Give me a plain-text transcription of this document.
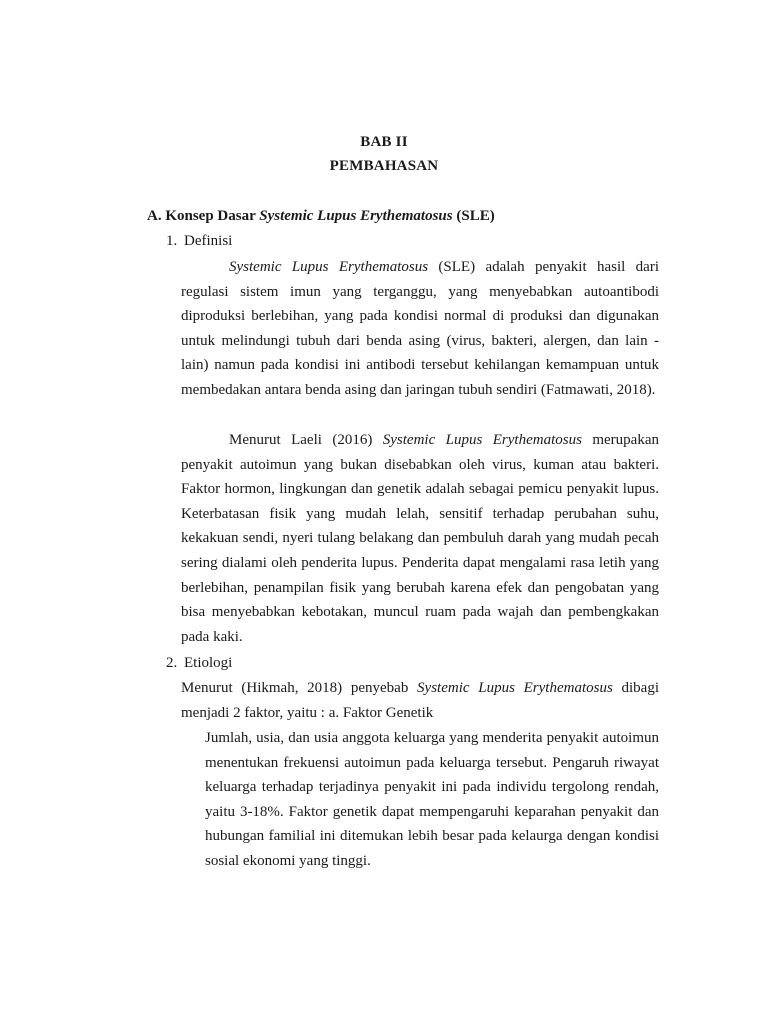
BAB II
PEMBAHASAN
A. Konsep Dasar Systemic Lupus Erythematosus (SLE)
1. Definisi
Systemic Lupus Erythematosus (SLE) adalah penyakit hasil dari regulasi sistem imun yang terganggu, yang menyebabkan autoantibodi diproduksi berlebihan, yang pada kondisi normal di produksi dan digunakan untuk melindungi tubuh dari benda asing (virus, bakteri, alergen, dan lain - lain) namun pada kondisi ini antibodi tersebut kehilangan kemampuan untuk membedakan antara benda asing dan jaringan tubuh sendiri (Fatmawati, 2018).
Menurut Laeli (2016) Systemic Lupus Erythematosus merupakan penyakit autoimun yang bukan disebabkan oleh virus, kuman atau bakteri. Faktor hormon, lingkungan dan genetik adalah sebagai pemicu penyakit lupus. Keterbatasan fisik yang mudah lelah, sensitif terhadap perubahan suhu, kekakuan sendi, nyeri tulang belakang dan pembuluh darah yang mudah pecah sering dialami oleh penderita lupus. Penderita dapat mengalami rasa letih yang berlebihan, penampilan fisik yang berubah karena efek dan pengobatan yang bisa menyebabkan kebotakan, muncul ruam pada wajah dan pembengkakan pada kaki.
2. Etiologi
Menurut (Hikmah, 2018) penyebab Systemic Lupus Erythematosus dibagi menjadi 2 faktor, yaitu : a. Faktor Genetik
Jumlah, usia, dan usia anggota keluarga yang menderita penyakit autoimun menentukan frekuensi autoimun pada keluarga tersebut. Pengaruh riwayat keluarga terhadap terjadinya penyakit ini pada individu tergolong rendah, yaitu 3-18%. Faktor genetik dapat mempengaruhi keparahan penyakit dan hubungan familial ini ditemukan lebih besar pada kelaurga dengan kondisi sosial ekonomi yang tinggi.
